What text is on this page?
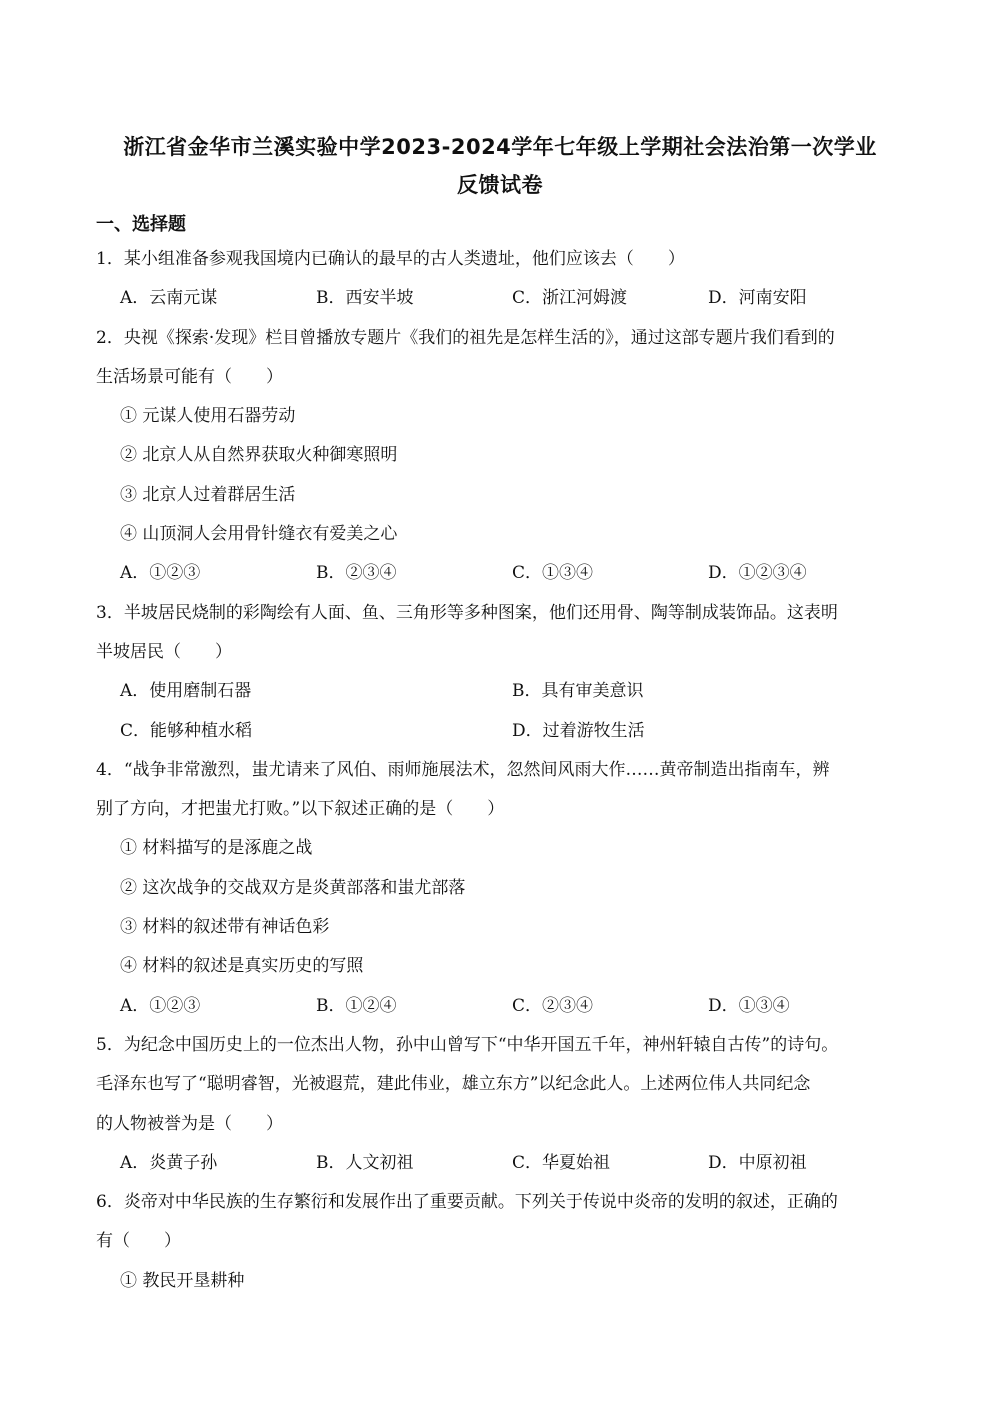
浙江省金华市兰溪实验中学2023-2024学年七年级上学期社会法治第一次学业
反馈试卷
一、选择题
1．某小组准备参观我国境内已确认的最早的古人类遗址，他们应该去（　　）
A．云南元谋	B．西安半坡	C．浙江河姆渡	D．河南安阳
2．央视《探索·发现》栏目曾播放专题片《我们的祖先是怎样生活的》，通过这部专题片我们看到的
生活场景可能有（　　）
① 元谋人使用石器劳动
② 北京人从自然界获取火种御寒照明
③ 北京人过着群居生活
④ 山顶洞人会用骨针缝衣有爱美之心
A．①②③	B．②③④	C．①③④	D．①②③④
3．半坡居民烧制的彩陶绘有人面、鱼、三角形等多种图案，他们还用骨、陶等制成装饰品。这表明
半坡居民（　　）
A．使用磨制石器	B．具有审美意识
C．能够种植水稻	D．过着游牧生活
4．“战争非常激烈，蚩尤请来了风伯、雨师施展法术，忽然间风雨大作……黄帝制造出指南车，辨
别了方向，才把蚩尤打败。”以下叙述正确的是（　　）
① 材料描写的是涿鹿之战
② 这次战争的交战双方是炎黄部落和蚩尤部落
③ 材料的叙述带有神话色彩
④ 材料的叙述是真实历史的写照
A．①②③	B．①②④	C．②③④	D．①③④
5．为纪念中国历史上的一位杰出人物，孙中山曾写下“中华开国五千年，神州轩辕自古传”的诗句。
毛泽东也写了“聪明睿智，光被遐荒，建此伟业，雄立东方”以纪念此人。上述两位伟人共同纪念
的人物被誉为是（　　）
A．炎黄子孙	B．人文初祖	C．华夏始祖	D．中原初祖
6．炎帝对中华民族的生存繁衍和发展作出了重要贡献。下列关于传说中炎帝的发明的叙述，正确的
有（　　）
① 教民开垦耕种
